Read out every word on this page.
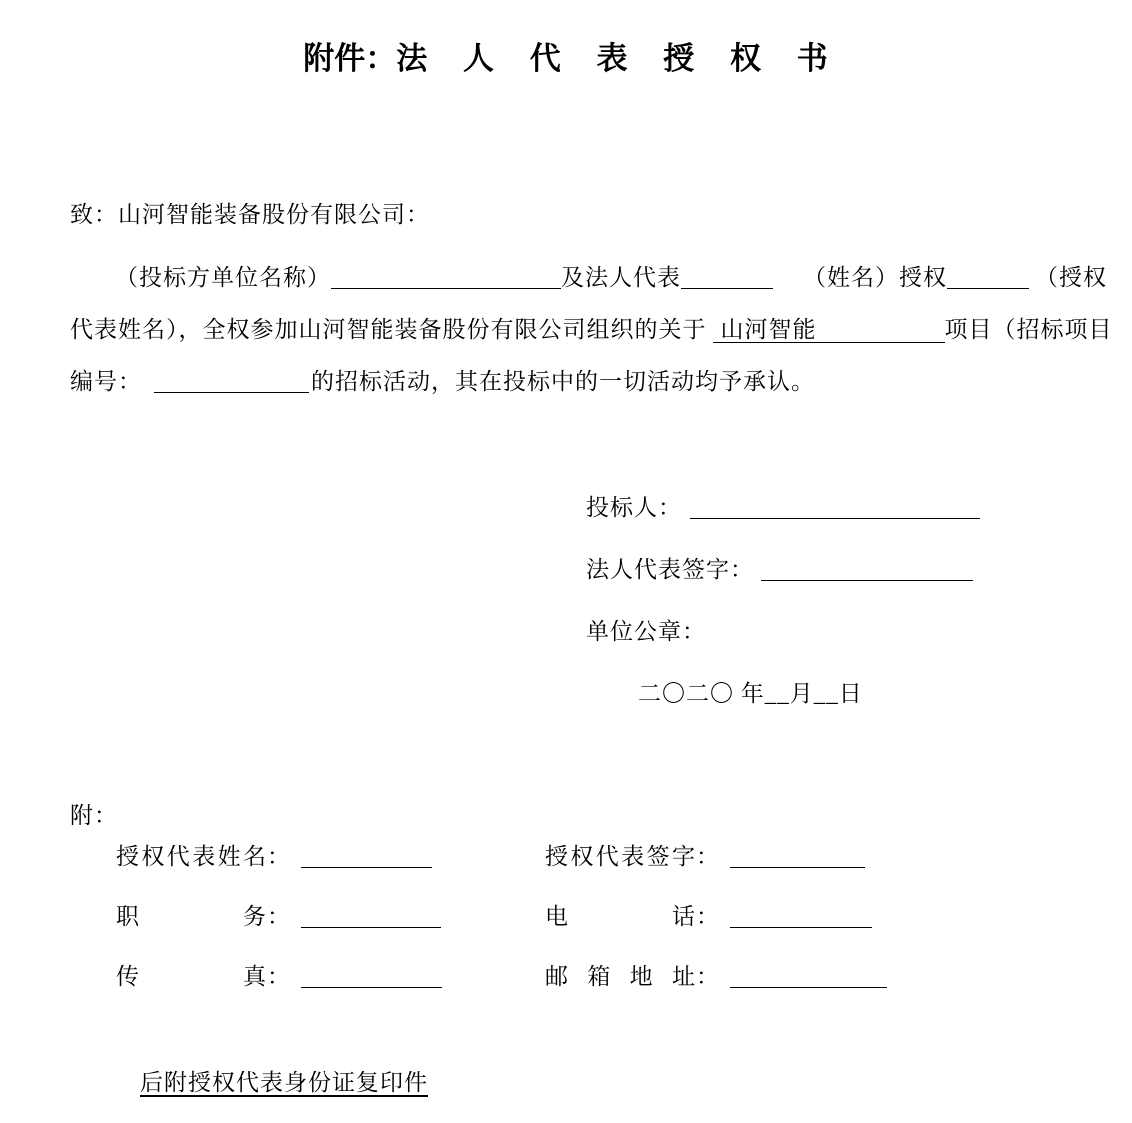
附件：法 人 代 表 授 权 书
致：山河智能装备股份有限公司：
（投标方单位名称）	及法人代表	（姓名）授权	（授权
代表姓名），全权参加山河智能装备股份有限公司组织的关于 山河智能	项目（招标项目
编号：	的招标活动，其在投标中的一切活动均予承认。
投标人：
法人代表签字：
单位公章：
二〇二〇 年__月__日
附：
授权代表姓名：	授权代表签字：
职务：	电话：
传真：	邮箱地址：
后附授权代表身份证复印件
